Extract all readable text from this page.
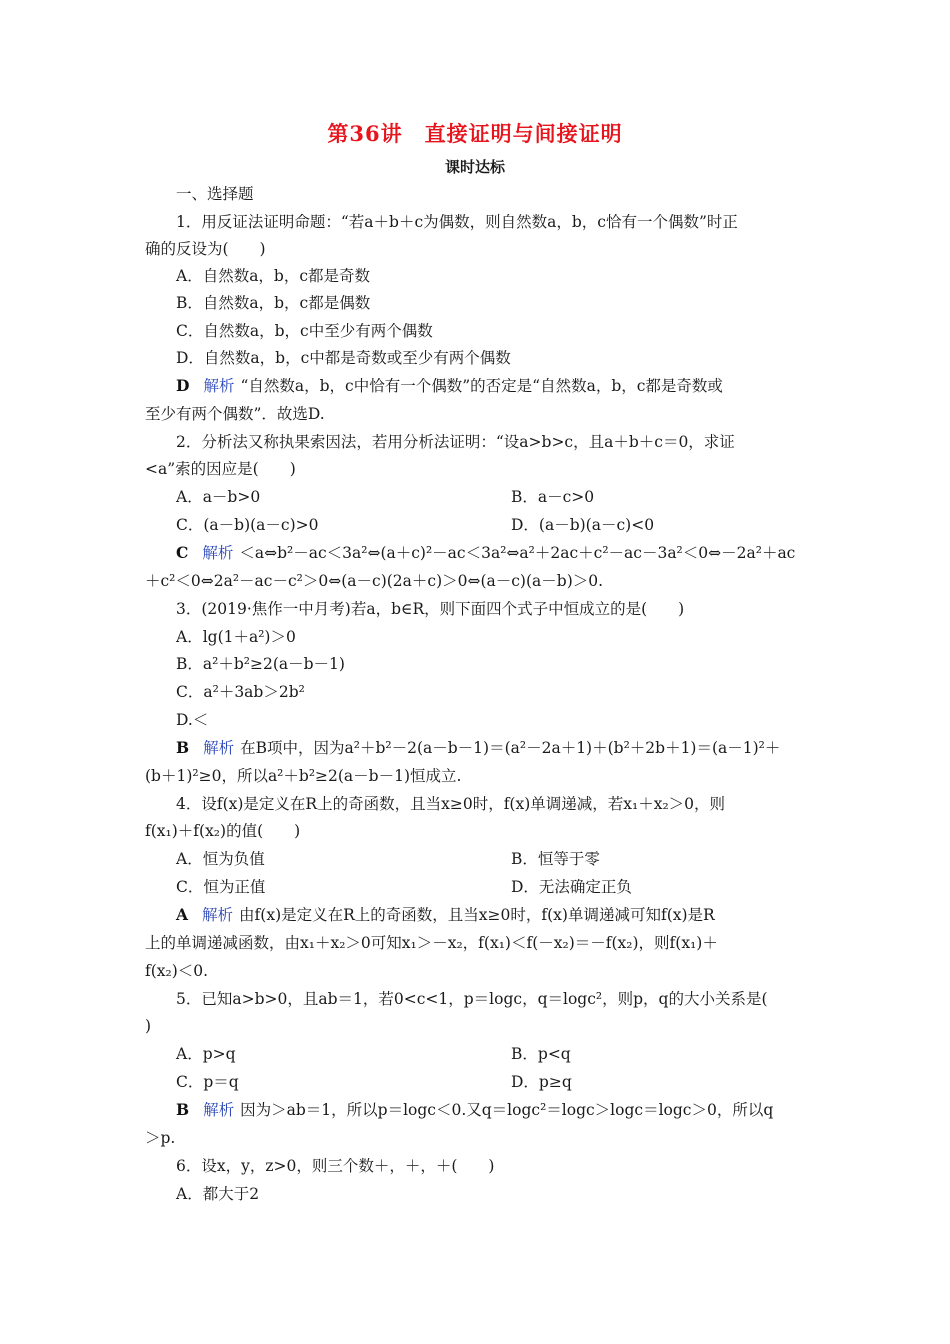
第36讲　直接证明与间接证明
课时达标
一、选择题
1．用反证法证明命题：“若a＋b＋c为偶数，则自然数a，b，c恰有一个偶数”时正
确的反设为(　　)
A．自然数a，b，c都是奇数
B．自然数a，b，c都是偶数
C．自然数a，b，c中至少有两个偶数
D．自然数a，b，c中都是奇数或至少有两个偶数
D 解析 “自然数a，b，c中恰有一个偶数”的否定是“自然数a，b，c都是奇数或
至少有两个偶数”．故选D.
2．分析法又称执果索因法，若用分析法证明：“设a>b>c，且a＋b＋c＝0，求证
<a”索的因应是(　　)
A．a－b>0	B．a－c>0
C．(a－b)(a－c)>0	D．(a－b)(a－c)<0
C 解析 ＜a⇔b²－ac＜3a²⇔(a＋c)²－ac＜3a²⇔a²＋2ac＋c²－ac－3a²＜0⇔－2a²＋ac
＋c²＜0⇔2a²－ac－c²＞0⇔(a－c)(2a＋c)＞0⇔(a－c)(a－b)＞0.
3．(2019·焦作一中月考)若a，b∈R，则下面四个式子中恒成立的是(　　)
A．lg(1＋a²)＞0
B．a²＋b²≥2(a－b－1)
C．a²＋3ab＞2b²
D.＜
B 解析 在B项中，因为a²＋b²－2(a－b－1)＝(a²－2a＋1)＋(b²＋2b＋1)＝(a－1)²＋
(b＋1)²≥0，所以a²＋b²≥2(a－b－1)恒成立.
4．设f(x)是定义在R上的奇函数，且当x≥0时，f(x)单调递减，若x₁＋x₂＞0，则
f(x₁)＋f(x₂)的值(　　)
A．恒为负值	B．恒等于零
C．恒为正值	D．无法确定正负
A 解析 由f(x)是定义在R上的奇函数，且当x≥0时，f(x)单调递减可知f(x)是R
上的单调递减函数，由x₁＋x₂＞0可知x₁＞－x₂，f(x₁)＜f(－x₂)＝－f(x₂)，则f(x₁)＋
f(x₂)＜0.
5．已知a>b>0，且ab＝1，若0<c<1，p＝logc，q＝logc²，则p，q的大小关系是(
)
A．p>q	B．p<q
C．p＝q	D．p≥q
B 解析 因为＞ab＝1，所以p＝logc＜0.又q＝logc²＝logc＞logc＝logc＞0，所以q
＞p.
6．设x，y，z>0，则三个数＋，＋，＋(　　)
A．都大于2
